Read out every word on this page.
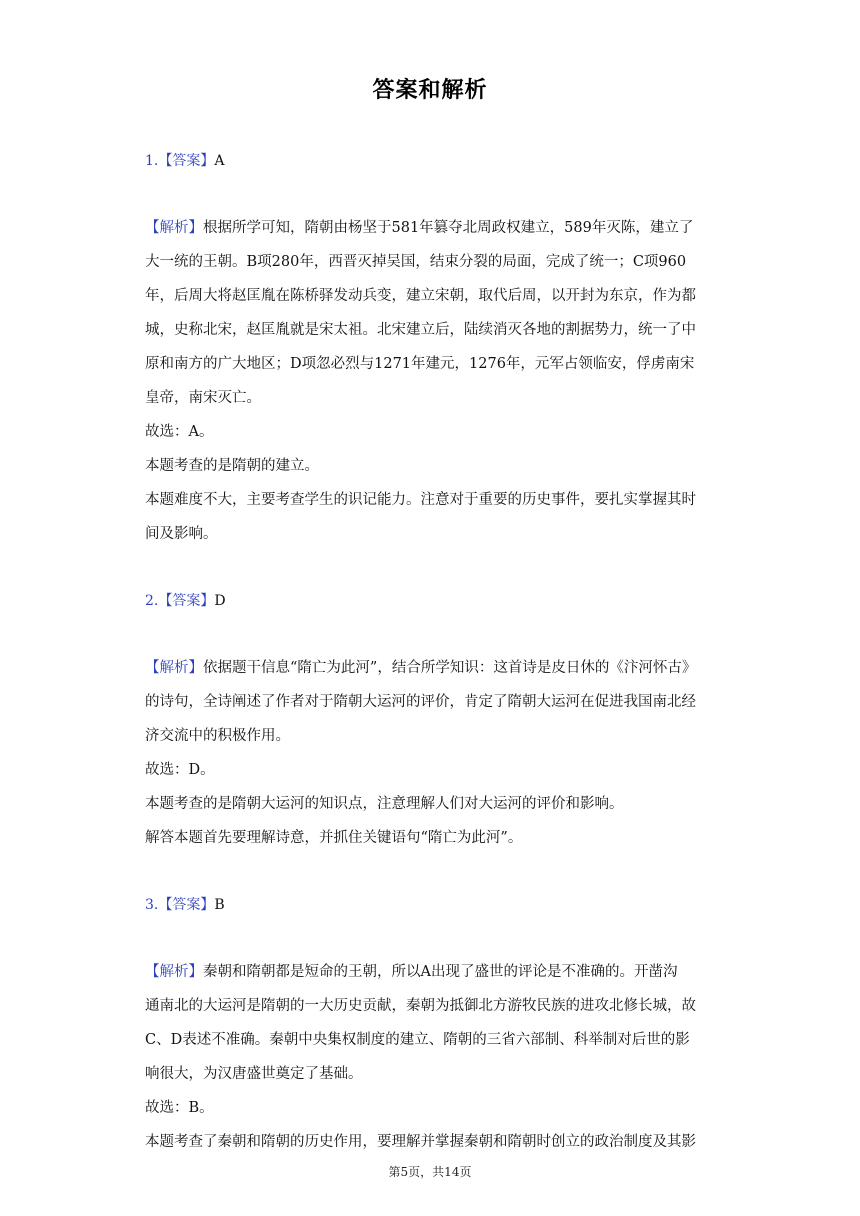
答案和解析
1.【答案】A
【解析】根据所学可知，隋朝由杨坚于581年篡夺北周政权建立，589年灭陈，建立了
大一统的王朝。B项280年，西晋灭掉吴国，结束分裂的局面，完成了统一；C项960
年，后周大将赵匡胤在陈桥驿发动兵变，建立宋朝，取代后周，以开封为东京，作为都
城，史称北宋，赵匡胤就是宋太祖。北宋建立后，陆续消灭各地的割据势力，统一了中
原和南方的广大地区；D项忽必烈与1271年建元，1276年，元军占领临安，俘虏南宋
皇帝，南宋灭亡。
故选：A。
本题考查的是隋朝的建立。
本题难度不大，主要考查学生的识记能力。注意对于重要的历史事件，要扎实掌握其时
间及影响。
2.【答案】D
【解析】依据题干信息“隋亡为此河”，结合所学知识：这首诗是皮日休的《汴河怀古》
的诗句，全诗阐述了作者对于隋朝大运河的评价，肯定了隋朝大运河在促进我国南北经
济交流中的积极作用。
故选：D。
本题考查的是隋朝大运河的知识点，注意理解人们对大运河的评价和影响。
解答本题首先要理解诗意，并抓住关键语句“隋亡为此河”。
3.【答案】B
【解析】秦朝和隋朝都是短命的王朝，所以A出现了盛世的评论是不准确的。开凿沟
通南北的大运河是隋朝的一大历史贡献，秦朝为抵御北方游牧民族的进攻北修长城，故
C、D表述不准确。秦朝中央集权制度的建立、隋朝的三省六部制、科举制对后世的影
响很大，为汉唐盛世奠定了基础。
故选：B。
本题考查了秦朝和隋朝的历史作用，要理解并掌握秦朝和隋朝时创立的政治制度及其影
第5页，共14页
